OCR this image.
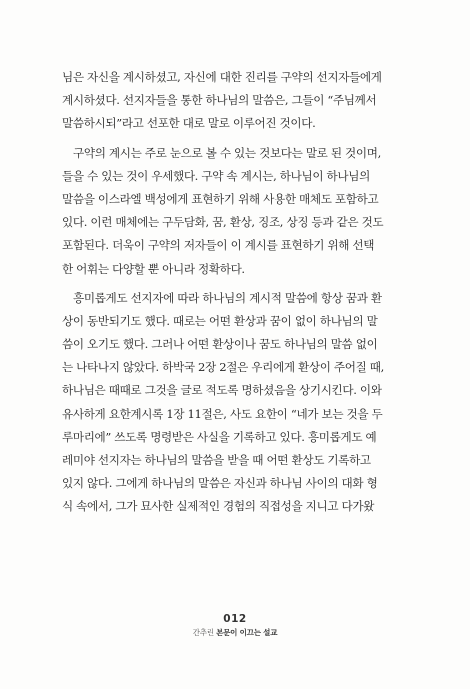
님은 자신을 계시하셨고, 자신에 대한 진리를 구약의 선지자들에게
계시하셨다. 선지자들을 통한 하나님의 말씀은, 그들이 “주님께서
말씀하시되”라고 선포한 대로 말로 이루어진 것이다.
구약의 계시는 주로 눈으로 볼 수 있는 것보다는 말로 된 것이며,
들을 수 있는 것이 우세했다. 구약 속 계시는, 하나님이 하나님의
말씀을 이스라엘 백성에게 표현하기 위해 사용한 매체도 포함하고
있다. 이런 매체에는 구두담화, 꿈, 환상, 징조, 상징 등과 같은 것도
포함된다. 더욱이 구약의 저자들이 이 계시를 표현하기 위해 선택
한 어휘는 다양할 뿐 아니라 정확하다.
흥미롭게도 선지자에 따라 하나님의 계시적 말씀에 항상 꿈과 환
상이 동반되기도 했다. 때로는 어떤 환상과 꿈이 없이 하나님의 말
씀이 오기도 했다. 그러나 어떤 환상이나 꿈도 하나님의 말씀 없이
는 나타나지 않았다. 하박국 2장 2절은 우리에게 환상이 주어질 때,
하나님은 때때로 그것을 글로 적도록 명하셨음을 상기시킨다. 이와
유사하게 요한계시록 1장 11절은, 사도 요한이 “네가 보는 것을 두
루마리에” 쓰도록 명령받은 사실을 기록하고 있다. 흥미롭게도 예
레미야 선지자는 하나님의 말씀을 받을 때 어떤 환상도 기록하고
있지 않다. 그에게 하나님의 말씀은 자신과 하나님 사이의 대화 형
식 속에서, 그가 묘사한 실제적인 경험의 직접성을 지니고 다가왔
012
간추린 본문이 이끄는 설교
